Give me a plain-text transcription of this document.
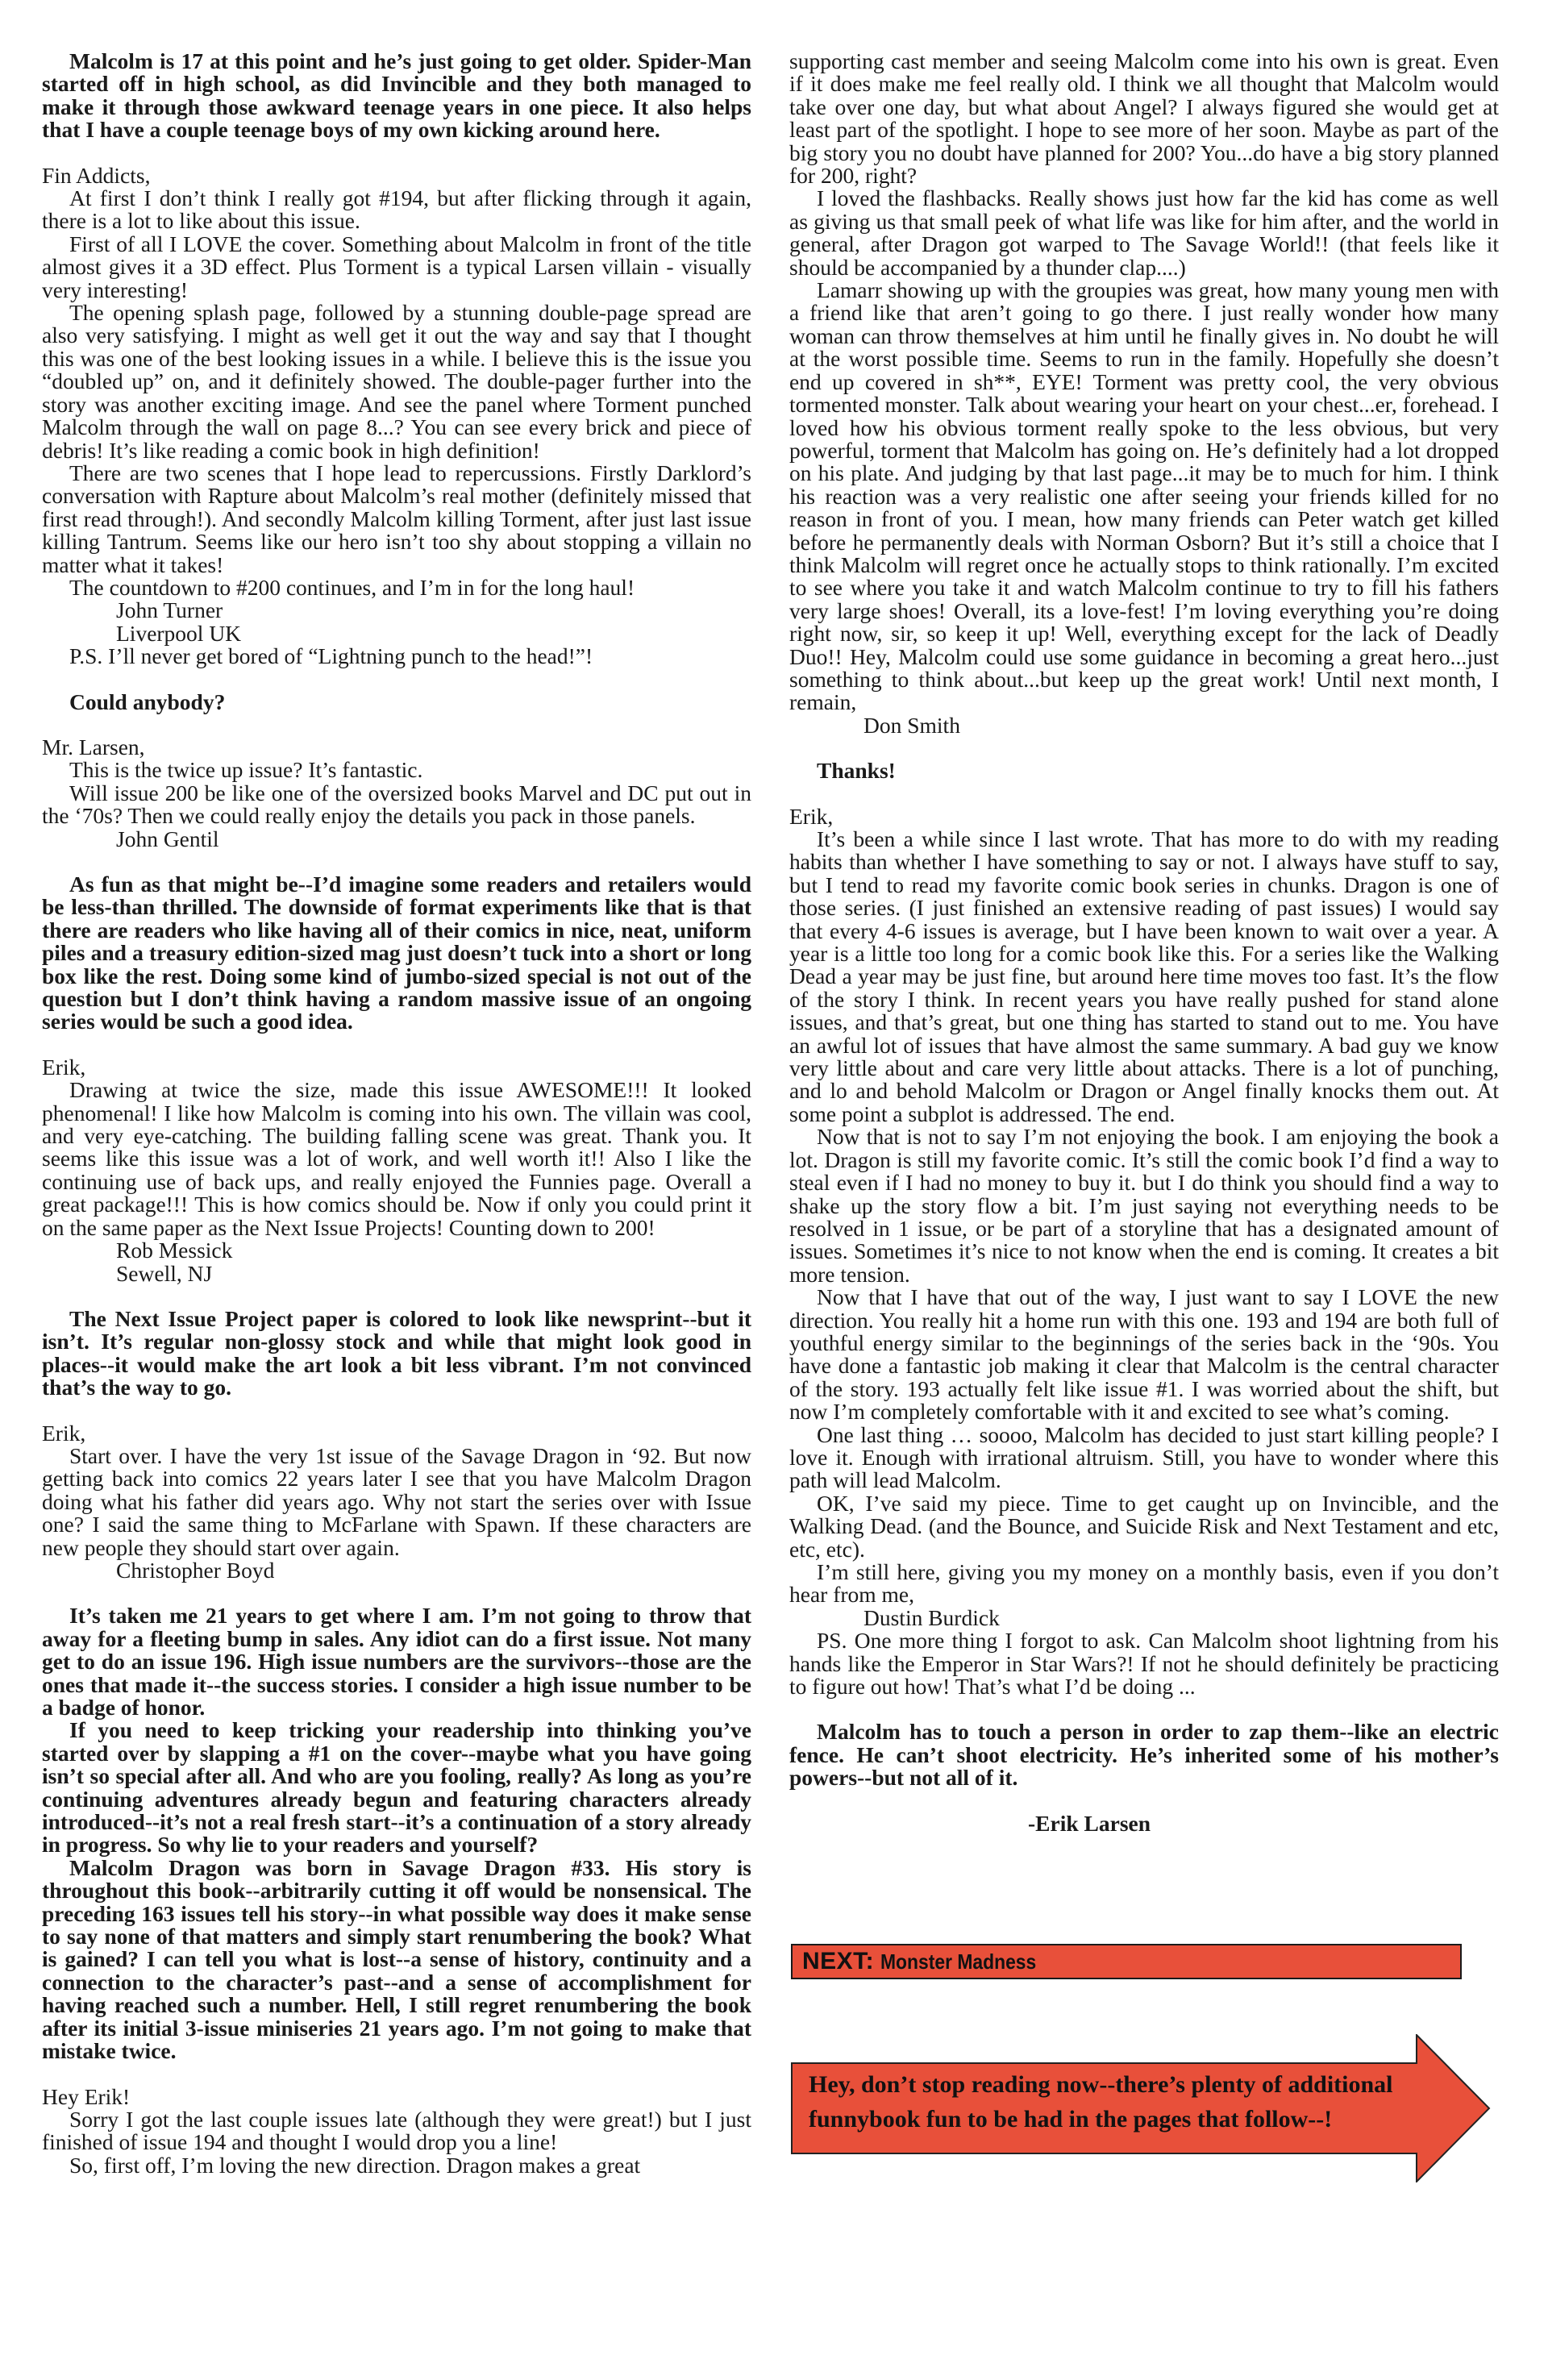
Malcolm is 17 at this point and he’s just going to get older. Spider-Man started off in high school, as did Invincible and they both managed to make it through those awkward teenage years in one piece. It also helps that I have a couple teenage boys of my own kicking around here.

Fin Addicts,

At first I don’t think I really got #194, but after flicking through it again, there is a lot to like about this issue.

First of all I LOVE the cover. Something about Malcolm in front of the title almost gives it a 3D effect. Plus Torment is a typical Larsen villain - visually very interesting!

The opening splash page, followed by a stunning double-page spread are also very satisfying. I might as well get it out the way and say that I thought this was one of the best looking issues in a while. I believe this is the issue you “doubled up” on, and it definitely showed. The double-pager further into the story was another exciting image. And see the panel where Torment punched Malcolm through the wall on page 8...? You can see every brick and piece of debris! It’s like reading a comic book in high definition!

There are two scenes that I hope lead to repercussions. Firstly Darklord’s conversation with Rapture about Malcolm’s real mother (definitely missed that first read through!). And secondly Malcolm killing Torment, after just last issue killing Tantrum. Seems like our hero isn’t too shy about stopping a villain no matter what it takes!

The countdown to #200 continues, and I’m in for the long haul!

John Turner

Liverpool UK

P.S. I’ll never get bored of “Lightning punch to the head!”!

Could anybody?

Mr. Larsen,

This is the twice up issue? It’s fantastic.

Will issue 200 be like one of the oversized books Marvel and DC put out in the ‘70s? Then we could really enjoy the details you pack in those panels.

John Gentil

As fun as that might be--I’d imagine some readers and retailers would be less-than thrilled. The downside of format experiments like that is that there are readers who like having all of their comics in nice, neat, uniform piles and a treasury edition-sized mag just doesn’t tuck into a short or long box like the rest. Doing some kind of jumbo-sized special is not out of the question but I don’t think having a random massive issue of an ongoing series would be such a good idea.

Erik,

Drawing at twice the size, made this issue AWESOME!!! It looked phenomenal! I like how Malcolm is coming into his own. The villain was cool, and very eye-catching. The building falling scene was great. Thank you. It seems like this issue was a lot of work, and well worth it!! Also I like the continuing use of back ups, and really enjoyed the Funnies page. Overall a great package!!! This is how comics should be. Now if only you could print it on the same paper as the Next Issue Projects! Counting down to 200!

Rob Messick

Sewell, NJ

The Next Issue Project paper is colored to look like newsprint--but it isn’t. It’s regular non-glossy stock and while that might look good in places--it would make the art look a bit less vibrant. I’m not convinced that’s the way to go.

Erik,

Start over. I have the very 1st issue of the Savage Dragon in ‘92. But now getting back into comics 22 years later I see that you have Malcolm Dragon doing what his father did years ago. Why not start the series over with Issue one? I said the same thing to McFarlane with Spawn. If these characters are new people they should start over again.

Christopher Boyd

It’s taken me 21 years to get where I am. I’m not going to throw that away for a fleeting bump in sales. Any idiot can do a first issue. Not many get to do an issue 196. High issue numbers are the survivors--those are the ones that made it--the success stories. I consider a high issue number to be a badge of honor.

If you need to keep tricking your readership into thinking you’ve started over by slapping a #1 on the cover--maybe what you have going isn’t so special after all. And who are you fooling, really? As long as you’re continuing adventures already begun and featuring characters already introduced--it’s not a real fresh start--it’s a continuation of a story already in progress. So why lie to your readers and yourself?

Malcolm Dragon was born in Savage Dragon #33. His story is throughout this book--arbitrarily cutting it off would be nonsensical. The preceding 163 issues tell his story--in what possible way does it make sense to say none of that matters and simply start renumbering the book? What is gained? I can tell you what is lost--a sense of history, continuity and a connection to the character’s past--and a sense of accomplishment for having reached such a number. Hell, I still regret renumbering the book after its initial 3-issue miniseries 21 years ago. I’m not going to make that mistake twice.

Hey Erik!

Sorry I got the last couple issues late (although they were great!) but I just finished of issue 194 and thought I would drop you a line!

So, first off, I’m loving the new direction. Dragon makes a great

supporting cast member and seeing Malcolm come into his own is great. Even if it does make me feel really old. I think we all thought that Malcolm would take over one day, but what about Angel? I always figured she would get at least part of the spotlight. I hope to see more of her soon. Maybe as part of the big story you no doubt have planned for 200? You...do have a big story planned for 200, right?

I loved the flashbacks. Really shows just how far the kid has come as well as giving us that small peek of what life was like for him after, and the world in general, after Dragon got warped to The Savage World!! (that feels like it should be accompanied by a thunder clap....)

Lamarr showing up with the groupies was great, how many young men with a friend like that aren’t going to go there. I just really wonder how many woman can throw themselves at him until he finally gives in. No doubt he will at the worst possible time. Seems to run in the family. Hopefully she doesn’t end up covered in sh**, EYE! Torment was pretty cool, the very obvious tormented monster. Talk about wearing your heart on your chest...er, forehead. I loved how his obvious torment really spoke to the less obvious, but very powerful, torment that Malcolm has going on. He’s definitely had a lot dropped on his plate. And judging by that last page...it may be to much for him. I think his reaction was a very realistic one after seeing your friends killed for no reason in front of you. I mean, how many friends can Peter watch get killed before he permanently deals with Norman Osborn? But it’s still a choice that I think Malcolm will regret once he actually stops to think rationally. I’m excited to see where you take it and watch Malcolm continue to try to fill his fathers very large shoes! Overall, its a love-fest! I’m loving everything you’re doing right now, sir, so keep it up! Well, everything except for the lack of Deadly Duo!! Hey, Malcolm could use some guidance in becoming a great hero...just something to think about...but keep up the great work! Until next month, I remain,

Don Smith

Thanks!

Erik,

It’s been a while since I last wrote. That has more to do with my reading habits than whether I have something to say or not. I always have stuff to say, but I tend to read my favorite comic book series in chunks. Dragon is one of those series. (I just finished an extensive reading of past issues) I would say that every 4-6 issues is average, but I have been known to wait over a year. A year is a little too long for a comic book like this. For a series like the Walking Dead a year may be just fine, but around here time moves too fast. It’s the flow of the story I think. In recent years you have really pushed for stand alone issues, and that’s great, but one thing has started to stand out to me. You have an awful lot of issues that have almost the same summary. A bad guy we know very little about and care very little about attacks. There is a lot of punching, and lo and behold Malcolm or Dragon or Angel finally knocks them out. At some point a subplot is addressed. The end.

Now that is not to say I’m not enjoying the book. I am enjoying the book a lot. Dragon is still my favorite comic. It’s still the comic book I’d find a way to steal even if I had no money to buy it. but I do think you should find a way to shake up the story flow a bit. I’m just saying not everything needs to be resolved in 1 issue, or be part of a storyline that has a designated amount of issues. Sometimes it’s nice to not know when the end is coming. It creates a bit more tension.

Now that I have that out of the way, I just want to say I LOVE the new direction. You really hit a home run with this one. 193 and 194 are both full of youthful energy similar to the beginnings of the series back in the ‘90s. You have done a fantastic job making it clear that Malcolm is the central character of the story. 193 actually felt like issue #1. I was worried about the shift, but now I’m completely comfortable with it and excited to see what’s coming.

One last thing … soooo, Malcolm has decided to just start killing people? I love it. Enough with irrational altruism. Still, you have to wonder where this path will lead Malcolm.

OK, I’ve said my piece. Time to get caught up on Invincible, and the Walking Dead. (and the Bounce, and Suicide Risk and Next Testament and etc, etc, etc).

I’m still here, giving you my money on a monthly basis, even if you don’t hear from me,

Dustin Burdick

PS. One more thing I forgot to ask. Can Malcolm shoot lightning from his hands like the Emperor in Star Wars?! If not he should definitely be practicing to figure out how! That’s what I’d be doing ...

Malcolm has to touch a person in order to zap them--like an electric fence. He can’t shoot electricity. He’s inherited some of his mother’s powers--but not all of it.

-Erik Larsen

NEXT: Monster Madness
Hey, don’t stop reading now--there’s plenty of additional
funnybook fun to be had in the pages that follow--!
